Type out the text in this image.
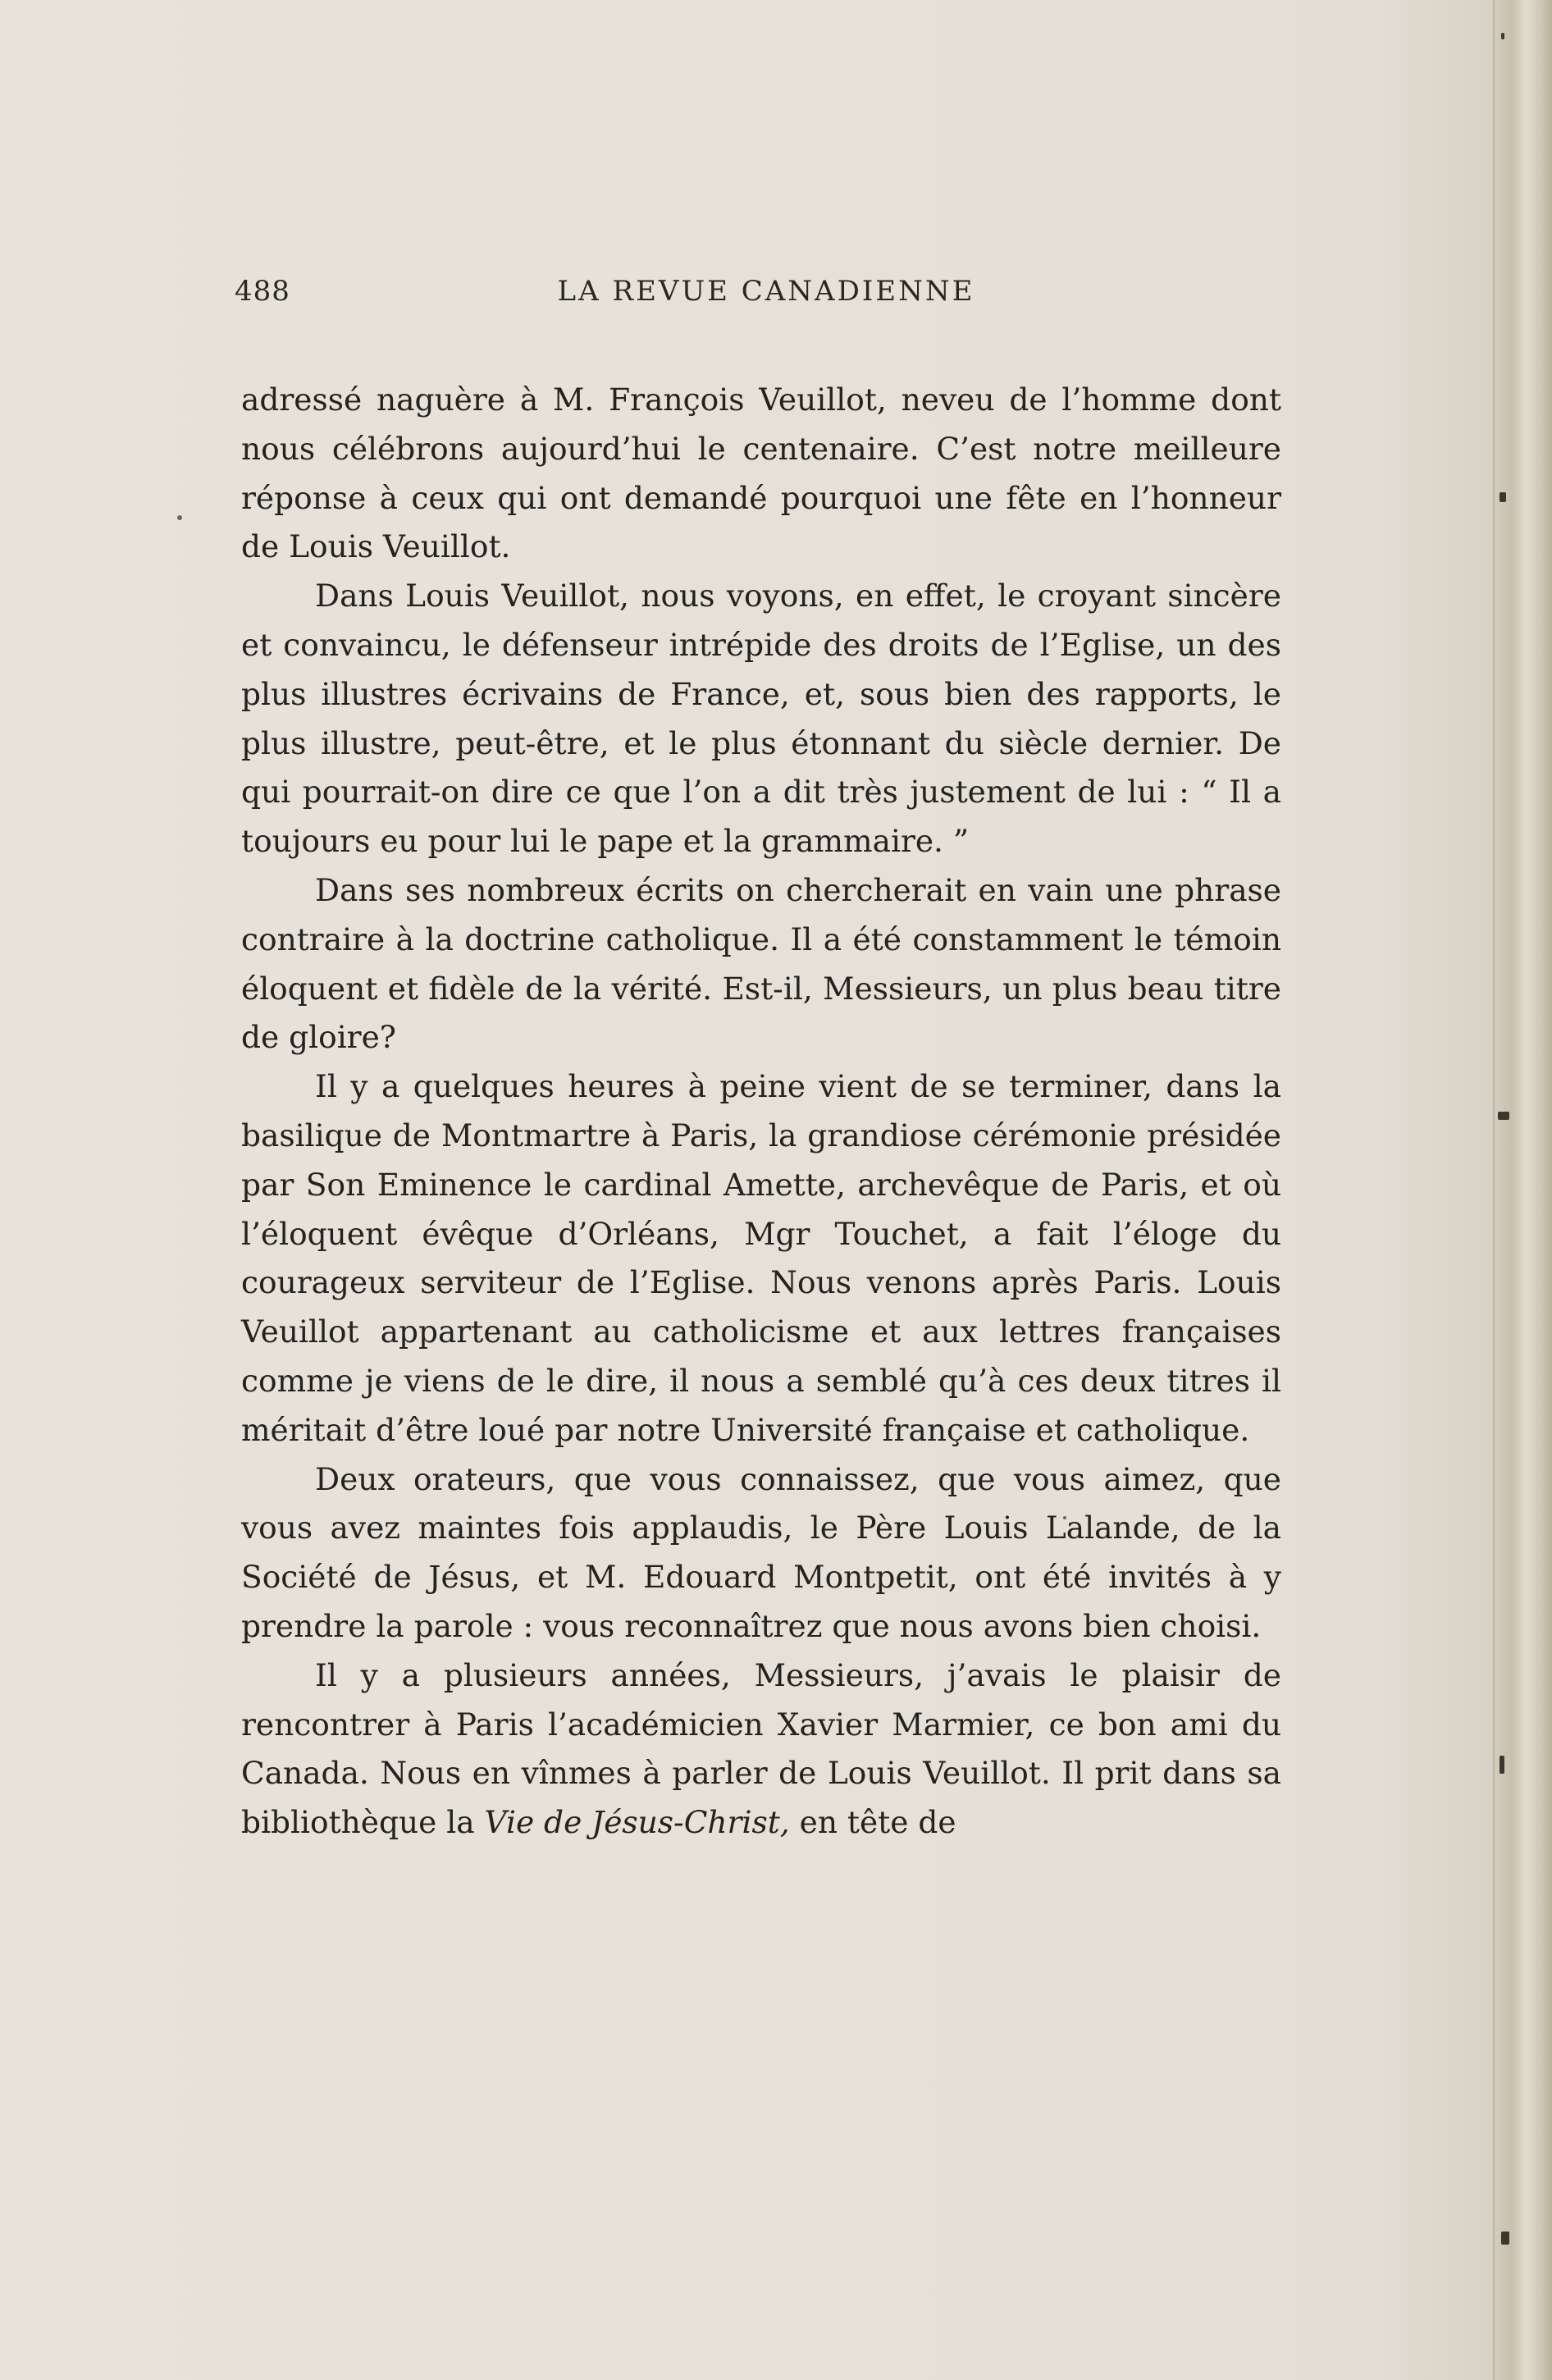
488	LA REVUE CANADIENNE

adressé naguère à M. François Veuillot, neveu de l’homme dont nous célébrons aujourd’hui le centenaire. C’est notre meilleure réponse à ceux qui ont demandé pourquoi une fête en l’honneur de Louis Veuillot.

Dans Louis Veuillot, nous voyons, en effet, le croyant sincère et convaincu, le défenseur intrépide des droits de l’Eglise, un des plus illustres écrivains de France, et, sous bien des rapports, le plus illustre, peut-être, et le plus étonnant du siècle dernier. De qui pourrait-on dire ce que l’on a dit très justement de lui : “ Il a toujours eu pour lui le pape et la grammaire. ”

Dans ses nombreux écrits on chercherait en vain une phrase contraire à la doctrine catholique. Il a été constamment le témoin éloquent et fidèle de la vérité. Est-il, Messieurs, un plus beau titre de gloire?

Il y a quelques heures à peine vient de se terminer, dans la basilique de Montmartre à Paris, la grandiose cérémonie présidée par Son Eminence le cardinal Amette, archevêque de Paris, et où l’éloquent évêque d’Orléans, Mgr Touchet, a fait l’éloge du courageux serviteur de l’Eglise. Nous venons après Paris. Louis Veuillot appartenant au catholicisme et aux lettres françaises comme je viens de le dire, il nous a semblé qu’à ces deux titres il méritait d’être loué par notre Université française et catholique.

Deux orateurs, que vous connaissez, que vous aimez, que vous avez maintes fois applaudis, le Père Louis Lalande, de la Société de Jésus, et M. Edouard Montpetit, ont été invités à y prendre la parole : vous reconnaîtrez que nous avons bien choisi.

Il y a plusieurs années, Messieurs, j’avais le plaisir de rencontrer à Paris l’académicien Xavier Marmier, ce bon ami du Canada. Nous en vînmes à parler de Louis Veuillot. Il prit dans sa bibliothèque la Vie de Jésus-Christ, en tête de
